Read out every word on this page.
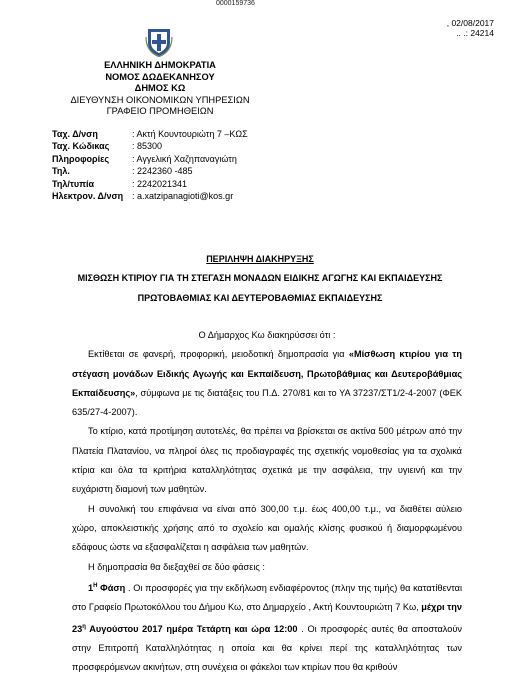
0000159736
, 02/08/2017
.. .: 24214
ΕΛΛΗΝΙΚΗ ΔΗΜΟΚΡΑΤΙΑ
ΝΟΜΟΣ ΔΩΔΕΚΑΝΗΣΟΥ
ΔΗΜΟΣ ΚΩ
ΔΙΕΥΘΥΝΣΗ ΟΙΚΟΝΟΜΙΚΩΝ ΥΠΗΡΕΣΙΩΝ
ΓΡΑΦΕΙΟ ΠΡΟΜΗΘΕΙΩΝ
Ταχ. Δ/νση	: Ακτή Κουντουριώτη 7 –ΚΩΣ
Ταχ. Κώδικας	: 85300
Πληροφορίες	: Αγγελική Χαζηπαναγιώτη
Τηλ.	: 2242360 -485
Τηλ/τυπία	: 2242021341
Ηλεκτρον. Δ/νση : a.xatzipanagioti@kos.gr
ΠΕΡΙΛΗΨΗ ΔΙΑΚΗΡΥΞΗΣ
ΜΙΣΘΩΣΗ ΚΤΙΡΙΟΥ ΓΙΑ ΤΗ ΣΤΕΓΑΣΗ ΜΟΝΑΔΩΝ ΕΙΔΙΚΗΣ ΑΓΩΓΗΣ ΚΑΙ ΕΚΠΑΙΔΕΥΣΗΣ
ΠΡΩΤΟΒΑΘΜΙΑΣ ΚΑΙ ΔΕΥΤΕΡΟΒΑΘΜΙΑΣ ΕΚΠΑΙΔΕΥΣΗΣ

Ο Δήμαρχος Κω διακηρύσσει ότι :

Εκτίθεται σε φανερή, προφορική, μειοδοτική δημοπρασία για «Μίσθωση κτιρίου για τη στέγαση μονάδων Ειδικής Αγωγής και Εκπαίδευση, Πρωτοβάθμιας και Δευτεροβάθμιας Εκπαίδευσης», σύμφωνα με τις διατάξεις του Π.Δ. 270/81 και το ΥΑ 37237/ΣΤ1/2-4-2007 (ΦΕΚ 635/27-4-2007).

Το κτίριο, κατά προτίμηση αυτοτελές, θα πρέπει να βρίσκεται σε ακτίνα 500 μέτρων από την Πλατεία Πλατανίου, να πληροί όλες τις προδιαγραφές της σχετικής νομοθεσίας για τα σχολικά κτίρια και όλα τα κριτήρια καταλληλότητας σχετικά με την ασφάλεια, την υγιεινή και την ευχάριστη διαμονή των μαθητών.

Η συνολική του επιφάνεια να είναι από 300,00 τ.μ. έως 400,00 τ.μ., να διαθέτει αύλειο χώρο, αποκλειστικής χρήσης από το σχολείο και ομαλής κλίσης φυσικού ή διαμορφωμένου εδάφους ώστε να εξασφαλίζεται η ασφάλεια των μαθητών.

Η δημοπρασία θα διεξαχθεί σε δύο φάσεις :

$1^H$ Φάση . Οι προσφορές για την εκδήλωση ενδιαφέροντος (πλην της τιμής) θα κατατίθενται στο Γραφείο Πρωτοκόλλου του Δήμου Κω, στο Δημαρχείο , Ακτή Κουντουριώτη 7 Κω, μέχρι την $23^\eta$ Αυγούστου 2017 ημέρα Τετάρτη και ώρα 12:00 . Οι προσφορές αυτές θα αποσταλούν στην Επιτροπή Καταλληλότητας η οποία και θα κρίνει περί της καταλληλότητας των προσφερόμενων ακινήτων, στη συνέχεια οι φάκελοι των κτιρίων που θα κριθούν
